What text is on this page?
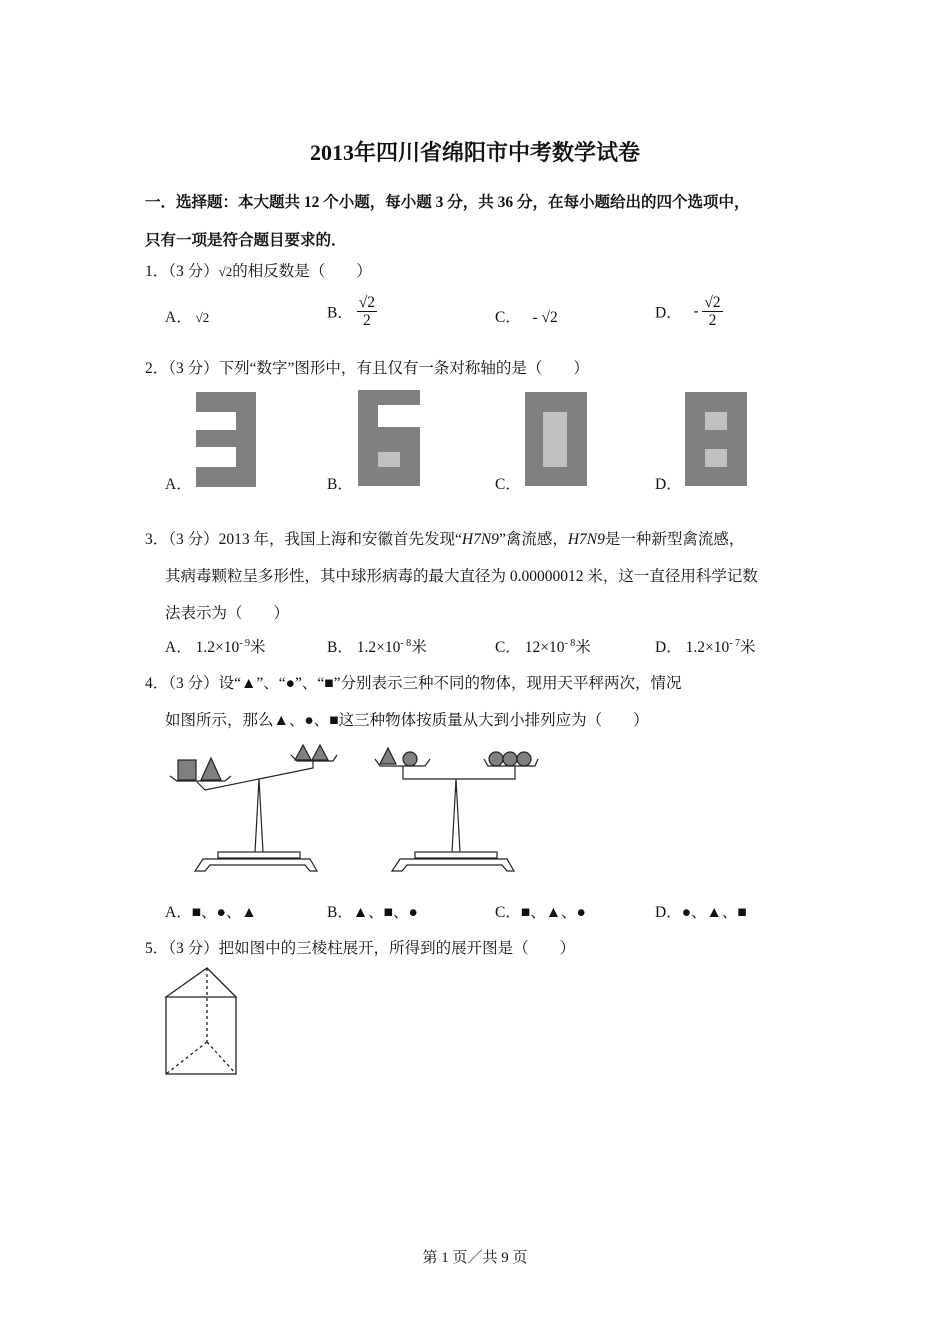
2013年四川省绵阳市中考数学试卷
一．选择题：本大题共 12 个小题，每小题 3 分，共 36 分，在每小题给出的四个选项中，
只有一项是符合题目要求的．
1．（3 分）√2的相反数是（　　）
A． √2	B． $\frac{√2}{2}$	C． - √2	D． - $\frac{√2}{2}$
2．（3 分）下列“数字”图形中，有且仅有一条对称轴的是（　　）
A．	B．	C．	D．
3．（3 分）2013 年，我国上海和安徽首先发现“H7N9”禽流感，H7N9是一种新型禽流感，
其病毒颗粒呈多形性，其中球形病毒的最大直径为 0.00000012 米，这一直径用科学记数
法表示为（　　）
A． $1.2\times 10^{- 9}$米	B． $1.2\times 10^{- 8}$米	C． $12\times 10^{- 8}$米	D． $1.2\times 10^{- 7}$米
4．（3 分）设“▲”、“●”、“■”分别表示三种不同的物体，现用天平秤两次，情况
如图所示，那么▲、●、■这三种物体按质量从大到小排列应为（　　）
A．■、●、▲	B．▲、■、●	C．■、▲、●	D．●、▲、■
5．（3 分）把如图中的三棱柱展开，所得到的展开图是（　　）
第 1 页／共 9 页
